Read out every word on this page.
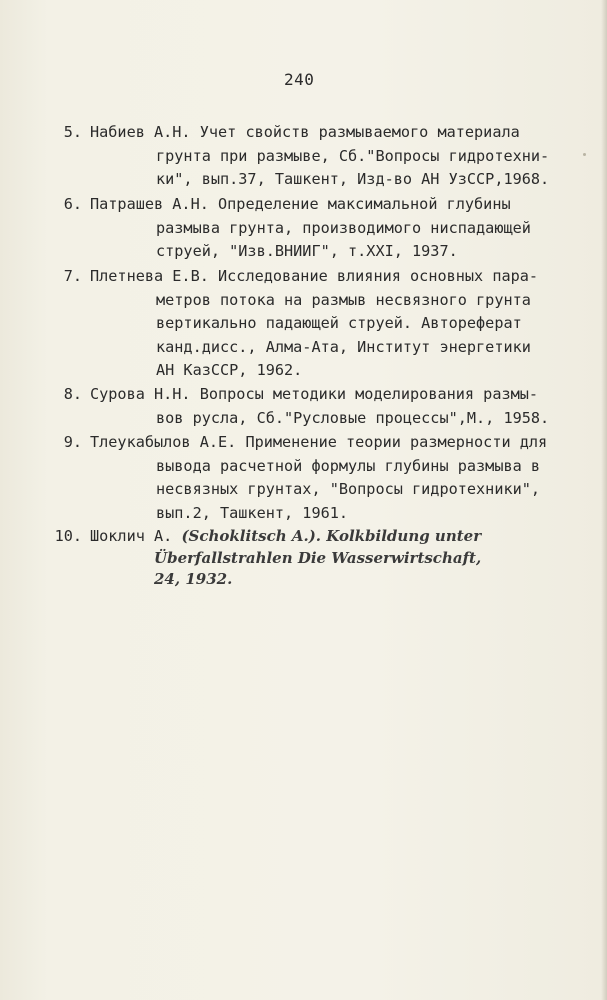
240
5. Набиев А.Н. Учет свойств размываемого материала
грунта при размыве, Сб."Вопросы гидротехни-
ки", вып.37, Ташкент, Изд-во АН УзССР,1968.
6. Патрашев А.Н. Определение максимальной глубины
размыва грунта, производимого ниспадающей
струей, "Изв.ВНИИГ", т.XXI, 1937.
7. Плетнева Е.В. Исследование влияния основных пара-
метров потока на размыв несвязного грунта
вертикально падающей струей. Автореферат
канд.дисс., Алма-Ата, Институт энергетики
АН КазССР, 1962.
8. Сурова Н.Н. Вопросы методики моделирования размы-
вов русла, Сб."Русловые процессы",М., 1958.
9. Тлеукабылов А.Е. Применение теории размерности для
вывода расчетной формулы глубины размыва в
несвязных грунтах, "Вопросы гидротехники",
вып.2, Ташкент, 1961.
10. Шоклич А. (Schoklitsch A.). Kolkbildung unter
Überfallstrahlen Die Wasserwirtschaft,
24, 1932.
